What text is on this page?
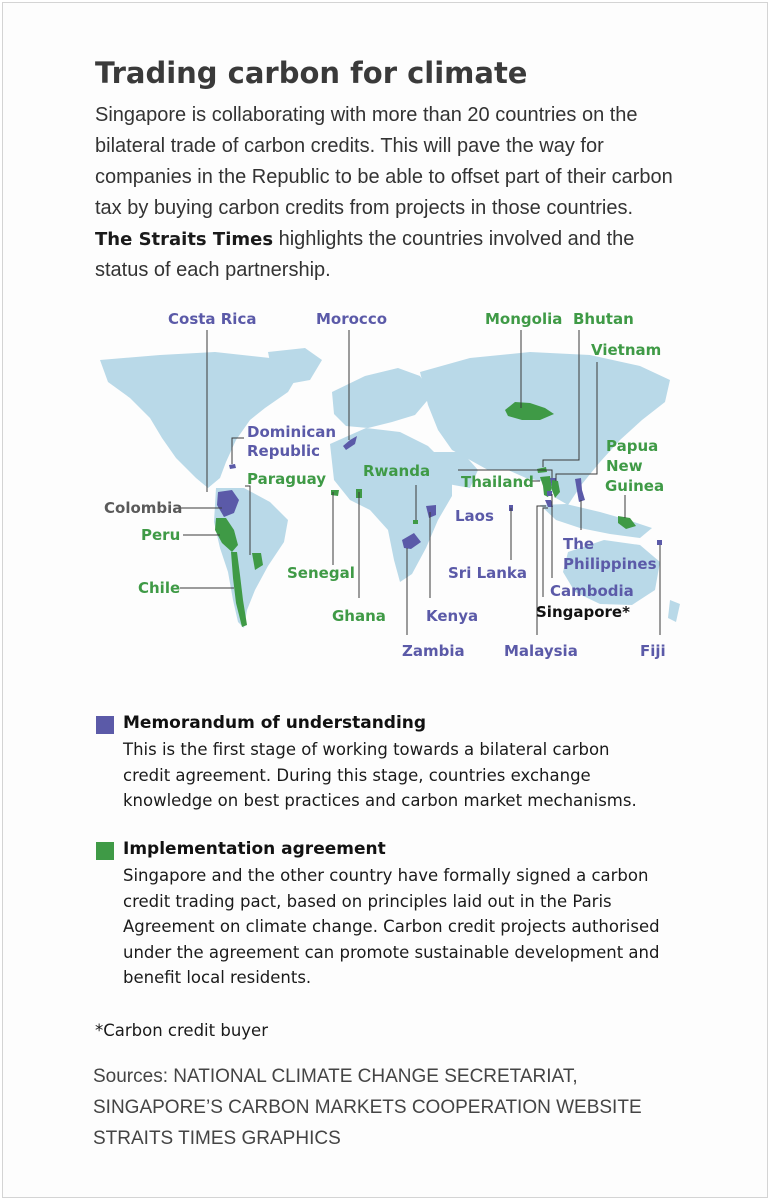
Trading carbon for climate

Singapore is collaborating with more than 20 countries on the bilateral trade of carbon credits. This will pave the way for companies in the Republic to be able to offset part of their carbon tax by buying carbon credits from projects in those countries. The Straits Times highlights the countries involved and the status of each partnership.

Costa Rica	Morocco	Mongolia Bhutan
Vietnam
Dominican
Republic
Paraguay Rwanda
Papua
New
Guinea
Thailand
Colombia	Laos
Peru	The
Philippines
Senegal	Sri Lanka
Chile	Cambodia
Ghana	Kenya	Singapore*
Zambia	Malaysia	Fiji

Memorandum of understanding

This is the first stage of working towards a bilateral carbon
credit agreement. During this stage, countries exchange
knowledge on best practices and carbon market mechanisms.

Implementation agreement

Singapore and the other country have formally signed a carbon
credit trading pact, based on principles laid out in the Paris
Agreement on climate change. Carbon credit projects authorised
under the agreement can promote sustainable development and
benefit local residents.

*Carbon credit buyer

Sources: NATIONAL CLIMATE CHANGE SECRETARIAT,
SINGAPORE’S CARBON MARKETS COOPERATION WEBSITE
STRAITS TIMES GRAPHICS
